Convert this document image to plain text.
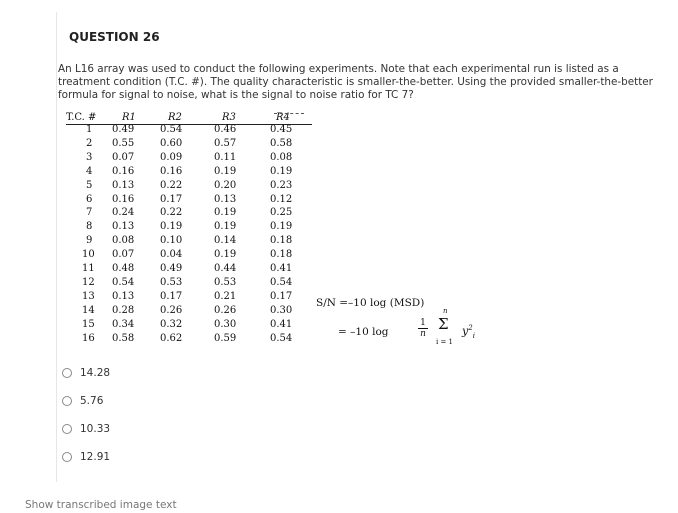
QUESTION 26
An L16 array was used to conduct the following experiments. Note that each experimental run is listed as a treatment condition (T.C. #). The quality characteristic is smaller-the-better. Using the provided smaller-the-better formula for signal to noise, what is the signal to noise ratio for TC 7?
T.C. #	R1	R2	R3	R4
1 0.49	0.54	0.46	0.45
2 0.55	0.60	0.57	0.58
3 0.07	0.09	0.11	0.08
4 0.16	0.16	0.19	0.19
5 0.13	0.22	0.20	0.23
6 0.16	0.17	0.13	0.12
7 0.24	0.22	0.19	0.25
8 0.13	0.19	0.19	0.19
9 0.08	0.10	0.14	0.18
10 0.07	0.04	0.19	0.18
11 0.48	0.49	0.44	0.41
12 0.54	0.53	0.53	0.54
13 0.13	0.17	0.21	0.17
14 0.28	0.26	0.26	0.30
15 0.34	0.32	0.30	0.41
16 0.58	0.62	0.59	0.54
S/N =–10 log (MSD)
= –10 log	$\frac{1}{n}$
n
Σ
i = 1
$y^2_i$
14.28
5.76
10.33
12.91
Show transcribed image text
